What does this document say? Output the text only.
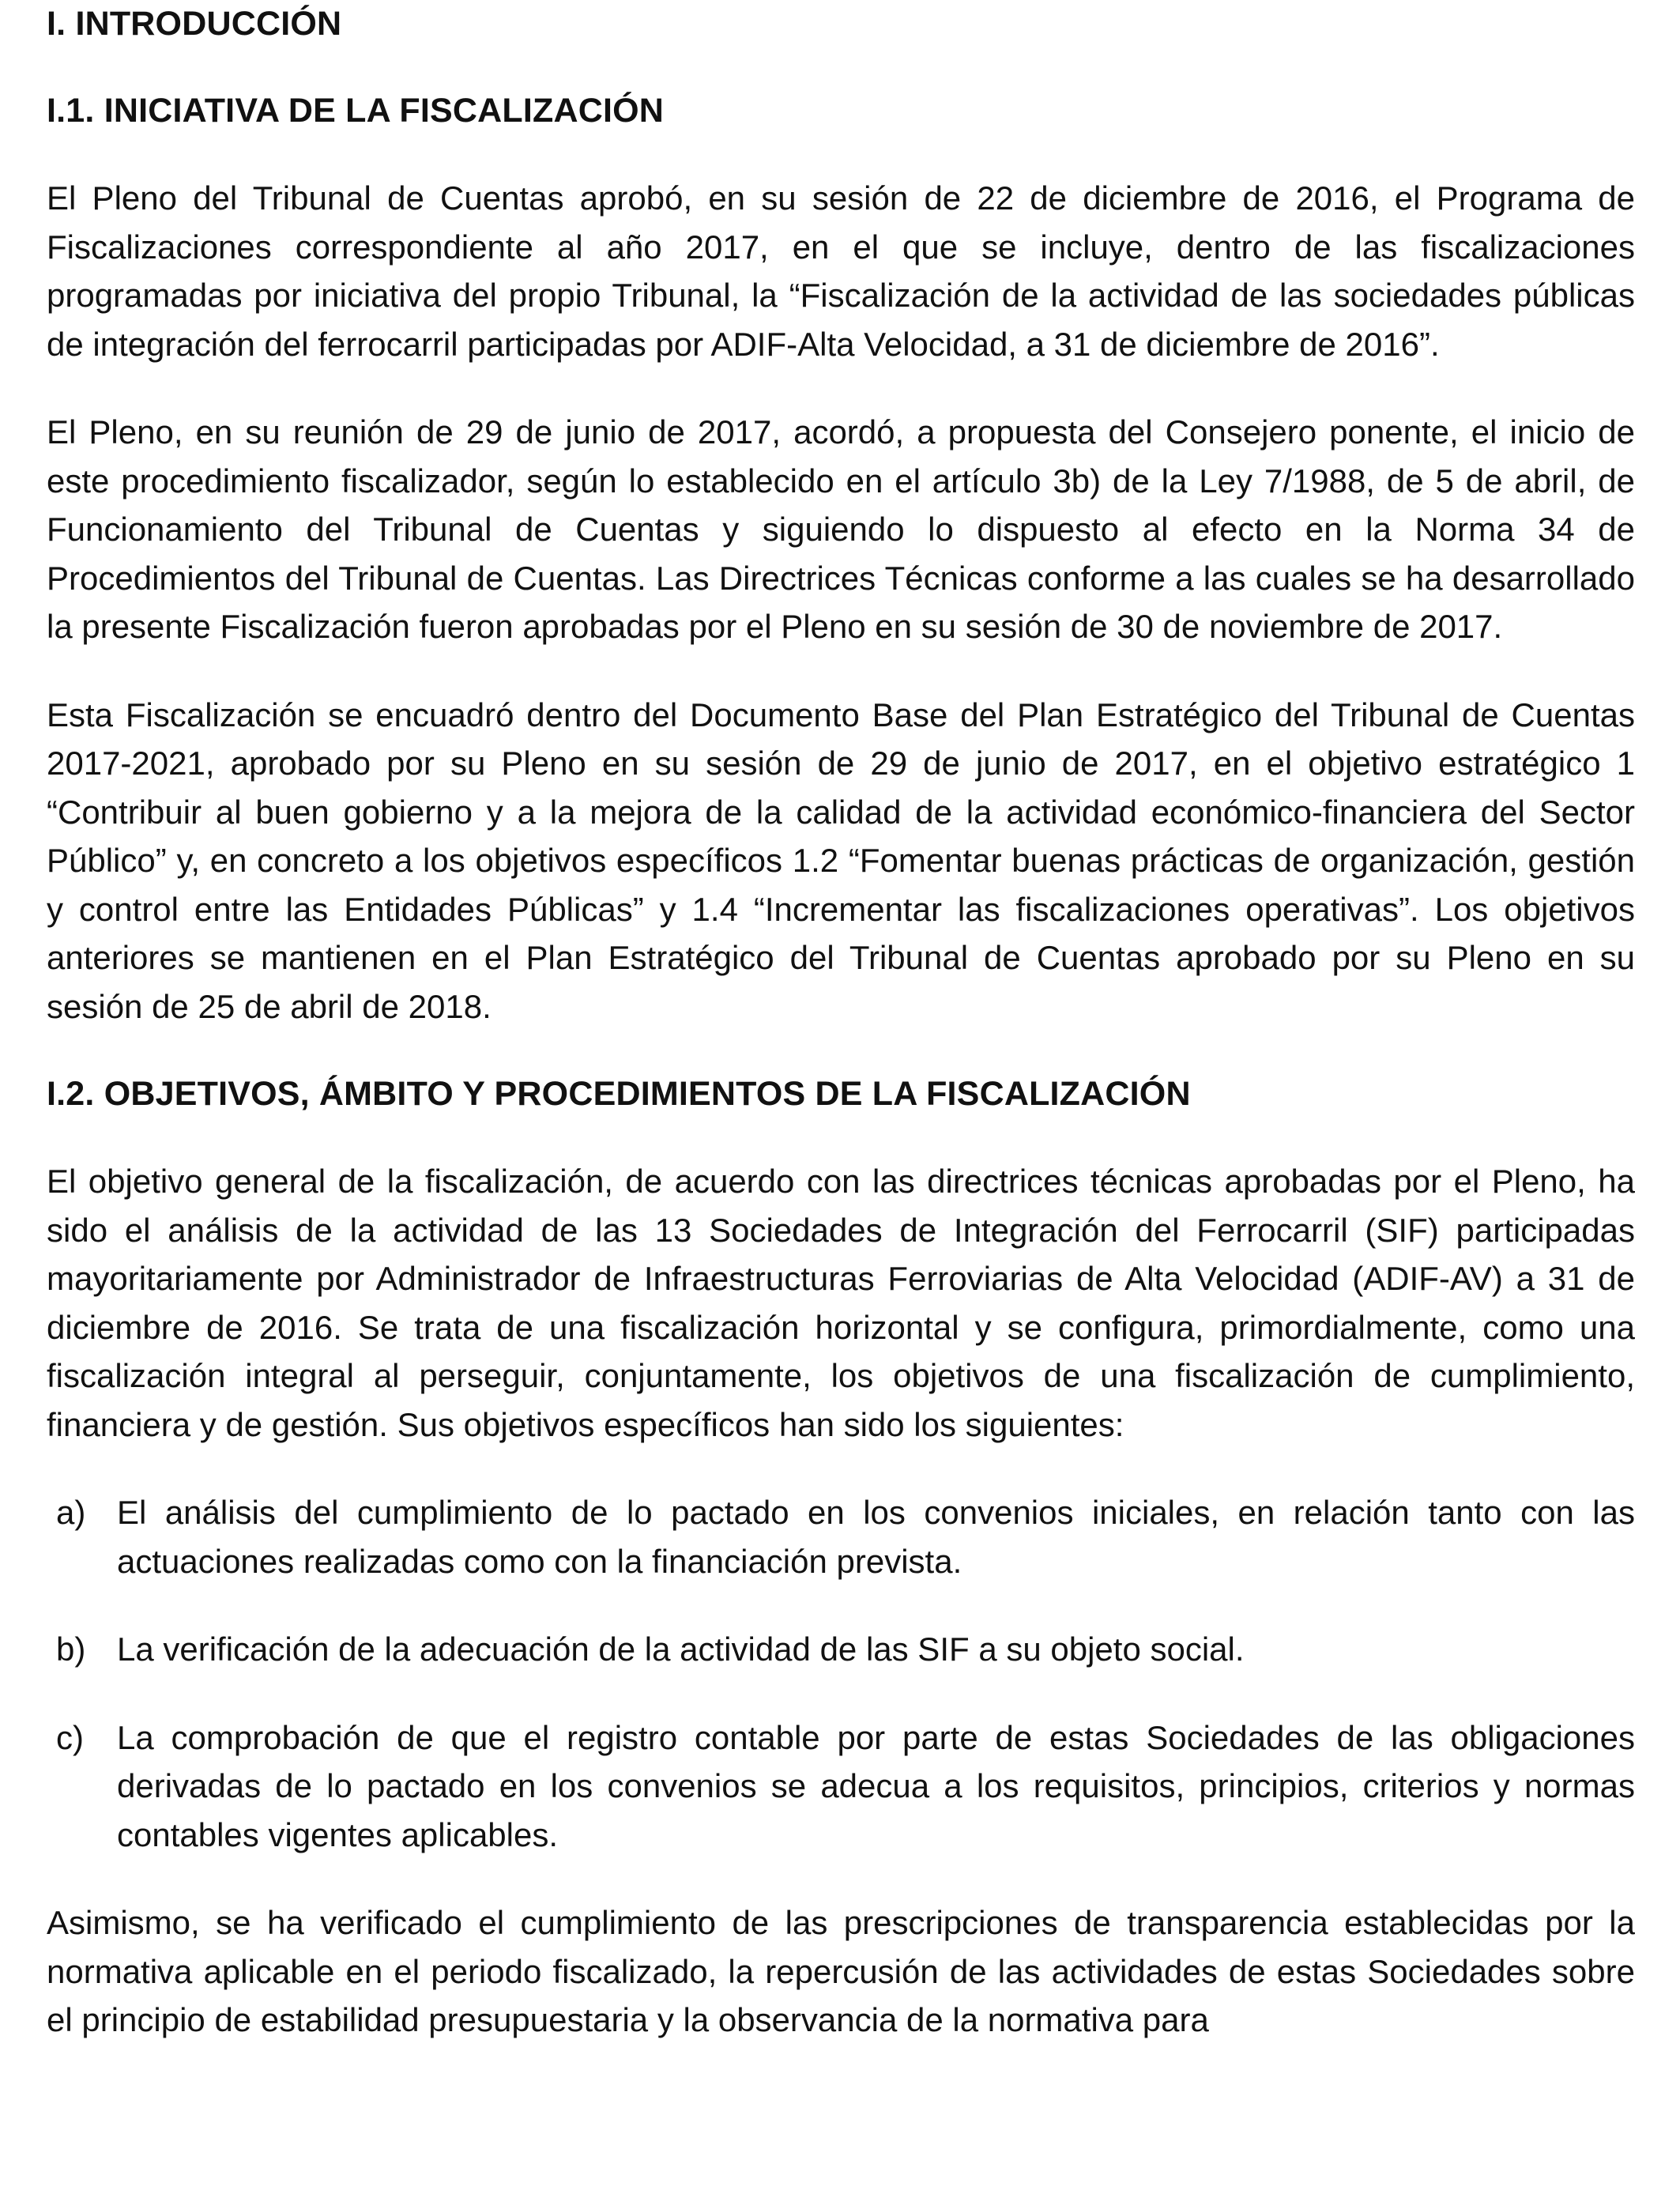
I. INTRODUCCIÓN
I.1. INICIATIVA DE LA FISCALIZACIÓN

El Pleno del Tribunal de Cuentas aprobó, en su sesión de 22 de diciembre de 2016, el Programa de Fiscalizaciones correspondiente al año 2017, en el que se incluye, dentro de las fiscalizaciones programadas por iniciativa del propio Tribunal, la “Fiscalización de la actividad de las sociedades públicas de integración del ferrocarril participadas por ADIF-Alta Velocidad, a 31 de diciembre de 2016”.

El Pleno, en su reunión de 29 de junio de 2017, acordó, a propuesta del Consejero ponente, el inicio de este procedimiento fiscalizador, según lo establecido en el artículo 3b) de la Ley 7/1988, de 5 de abril, de Funcionamiento del Tribunal de Cuentas y siguiendo lo dispuesto al efecto en la Norma 34 de Procedimientos del Tribunal de Cuentas. Las Directrices Técnicas conforme a las cuales se ha desarrollado la presente Fiscalización fueron aprobadas por el Pleno en su sesión de 30 de noviembre de 2017.

Esta Fiscalización se encuadró dentro del Documento Base del Plan Estratégico del Tribunal de Cuentas 2017-2021, aprobado por su Pleno en su sesión de 29 de junio de 2017, en el objetivo estratégico 1 “Contribuir al buen gobierno y a la mejora de la calidad de la actividad económico-financiera del Sector Público” y, en concreto a los objetivos específicos 1.2 “Fomentar buenas prácticas de organización, gestión y control entre las Entidades Públicas” y 1.4 “Incrementar las fiscalizaciones operativas”. Los objetivos anteriores se mantienen en el Plan Estratégico del Tribunal de Cuentas aprobado por su Pleno en su sesión de 25 de abril de 2018.

I.2. OBJETIVOS, ÁMBITO Y PROCEDIMIENTOS DE LA FISCALIZACIÓN

El objetivo general de la fiscalización, de acuerdo con las directrices técnicas aprobadas por el Pleno, ha sido el análisis de la actividad de las 13 Sociedades de Integración del Ferrocarril (SIF) participadas mayoritariamente por Administrador de Infraestructuras Ferroviarias de Alta Velocidad (ADIF-AV) a 31 de diciembre de 2016. Se trata de una fiscalización horizontal y se configura, primordialmente, como una fiscalización integral al perseguir, conjuntamente, los objetivos de una fiscalización de cumplimiento, financiera y de gestión. Sus objetivos específicos han sido los siguientes:

a) El análisis del cumplimiento de lo pactado en los convenios iniciales, en relación tanto con las actuaciones realizadas como con la financiación prevista.
b) La verificación de la adecuación de la actividad de las SIF a su objeto social.
c)	La comprobación de que el registro contable por parte de estas Sociedades de las obligaciones derivadas de lo pactado en los convenios se adecua a los requisitos, principios, criterios y normas contables vigentes aplicables.

Asimismo, se ha verificado el cumplimiento de las prescripciones de transparencia establecidas por la normativa aplicable en el periodo fiscalizado, la repercusión de las actividades de estas Sociedades sobre el principio de estabilidad presupuestaria y la observancia de la normativa para
